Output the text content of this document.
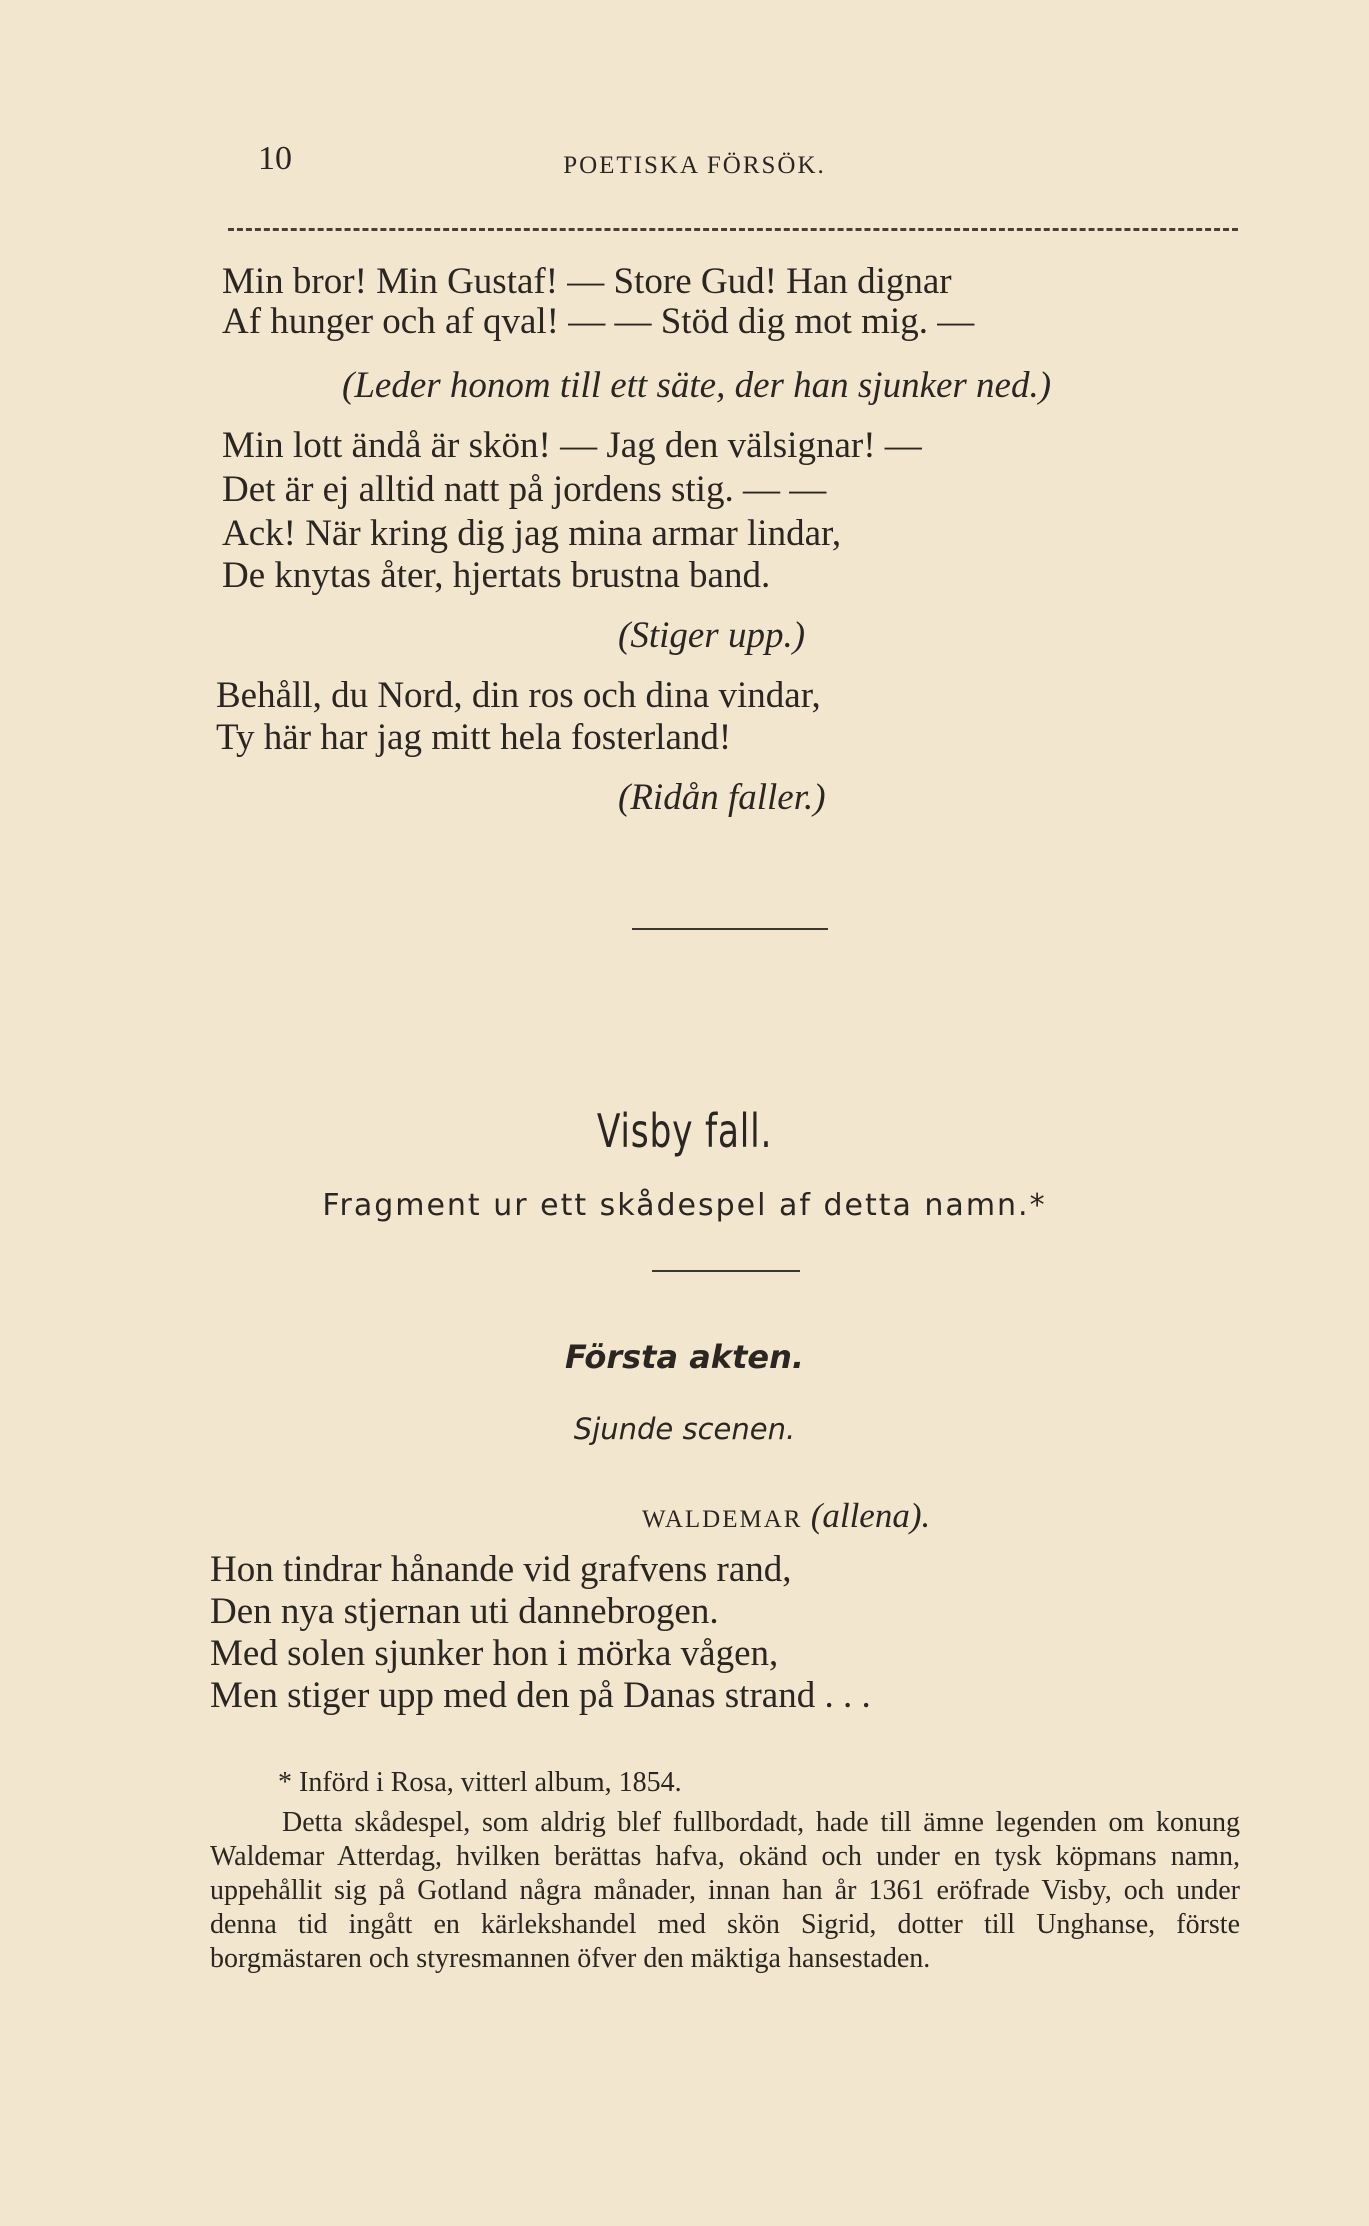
10	POETISKA FÖRSÖK.
Min bror! Min Gustaf! — Store Gud! Han dignar
Af hunger och af qval! — — Stöd dig mot mig. —
(Leder honom till ett säte, der han sjunker ned.)
Min lott ändå är skön! — Jag den välsignar! —
Det är ej alltid natt på jordens stig. — —
Ack! När kring dig jag mina armar lindar,
De knytas åter, hjertats brustna band.
(Stiger upp.)
Behåll, du Nord, din ros och dina vindar,
Ty här har jag mitt hela fosterland!
(Ridån faller.)
Visby fall.
Fragment ur ett skådespel af detta namn.*
Första akten.
Sjunde scenen.
WALDEMAR (allena).
Hon tindrar hånande vid grafvens rand,
Den nya stjernan uti dannebrogen.
Med solen sjunker hon i mörka vågen,
Men stiger upp med den på Danas strand . . .
* Införd i Rosa, vitterl album, 1854.
Detta skådespel, som aldrig blef fullbordadt, hade till ämne legenden om konung Waldemar Atterdag, hvilken berättas hafva, okänd och under en tysk köpmans namn, uppehållit sig på Gotland några månader, innan han år 1361 eröfrade Visby, och under denna tid ingått en kärlekshandel med skön Sigrid, dotter till Unghanse, förste borgmästaren och styresmannen öfver den mäktiga hansestaden.
